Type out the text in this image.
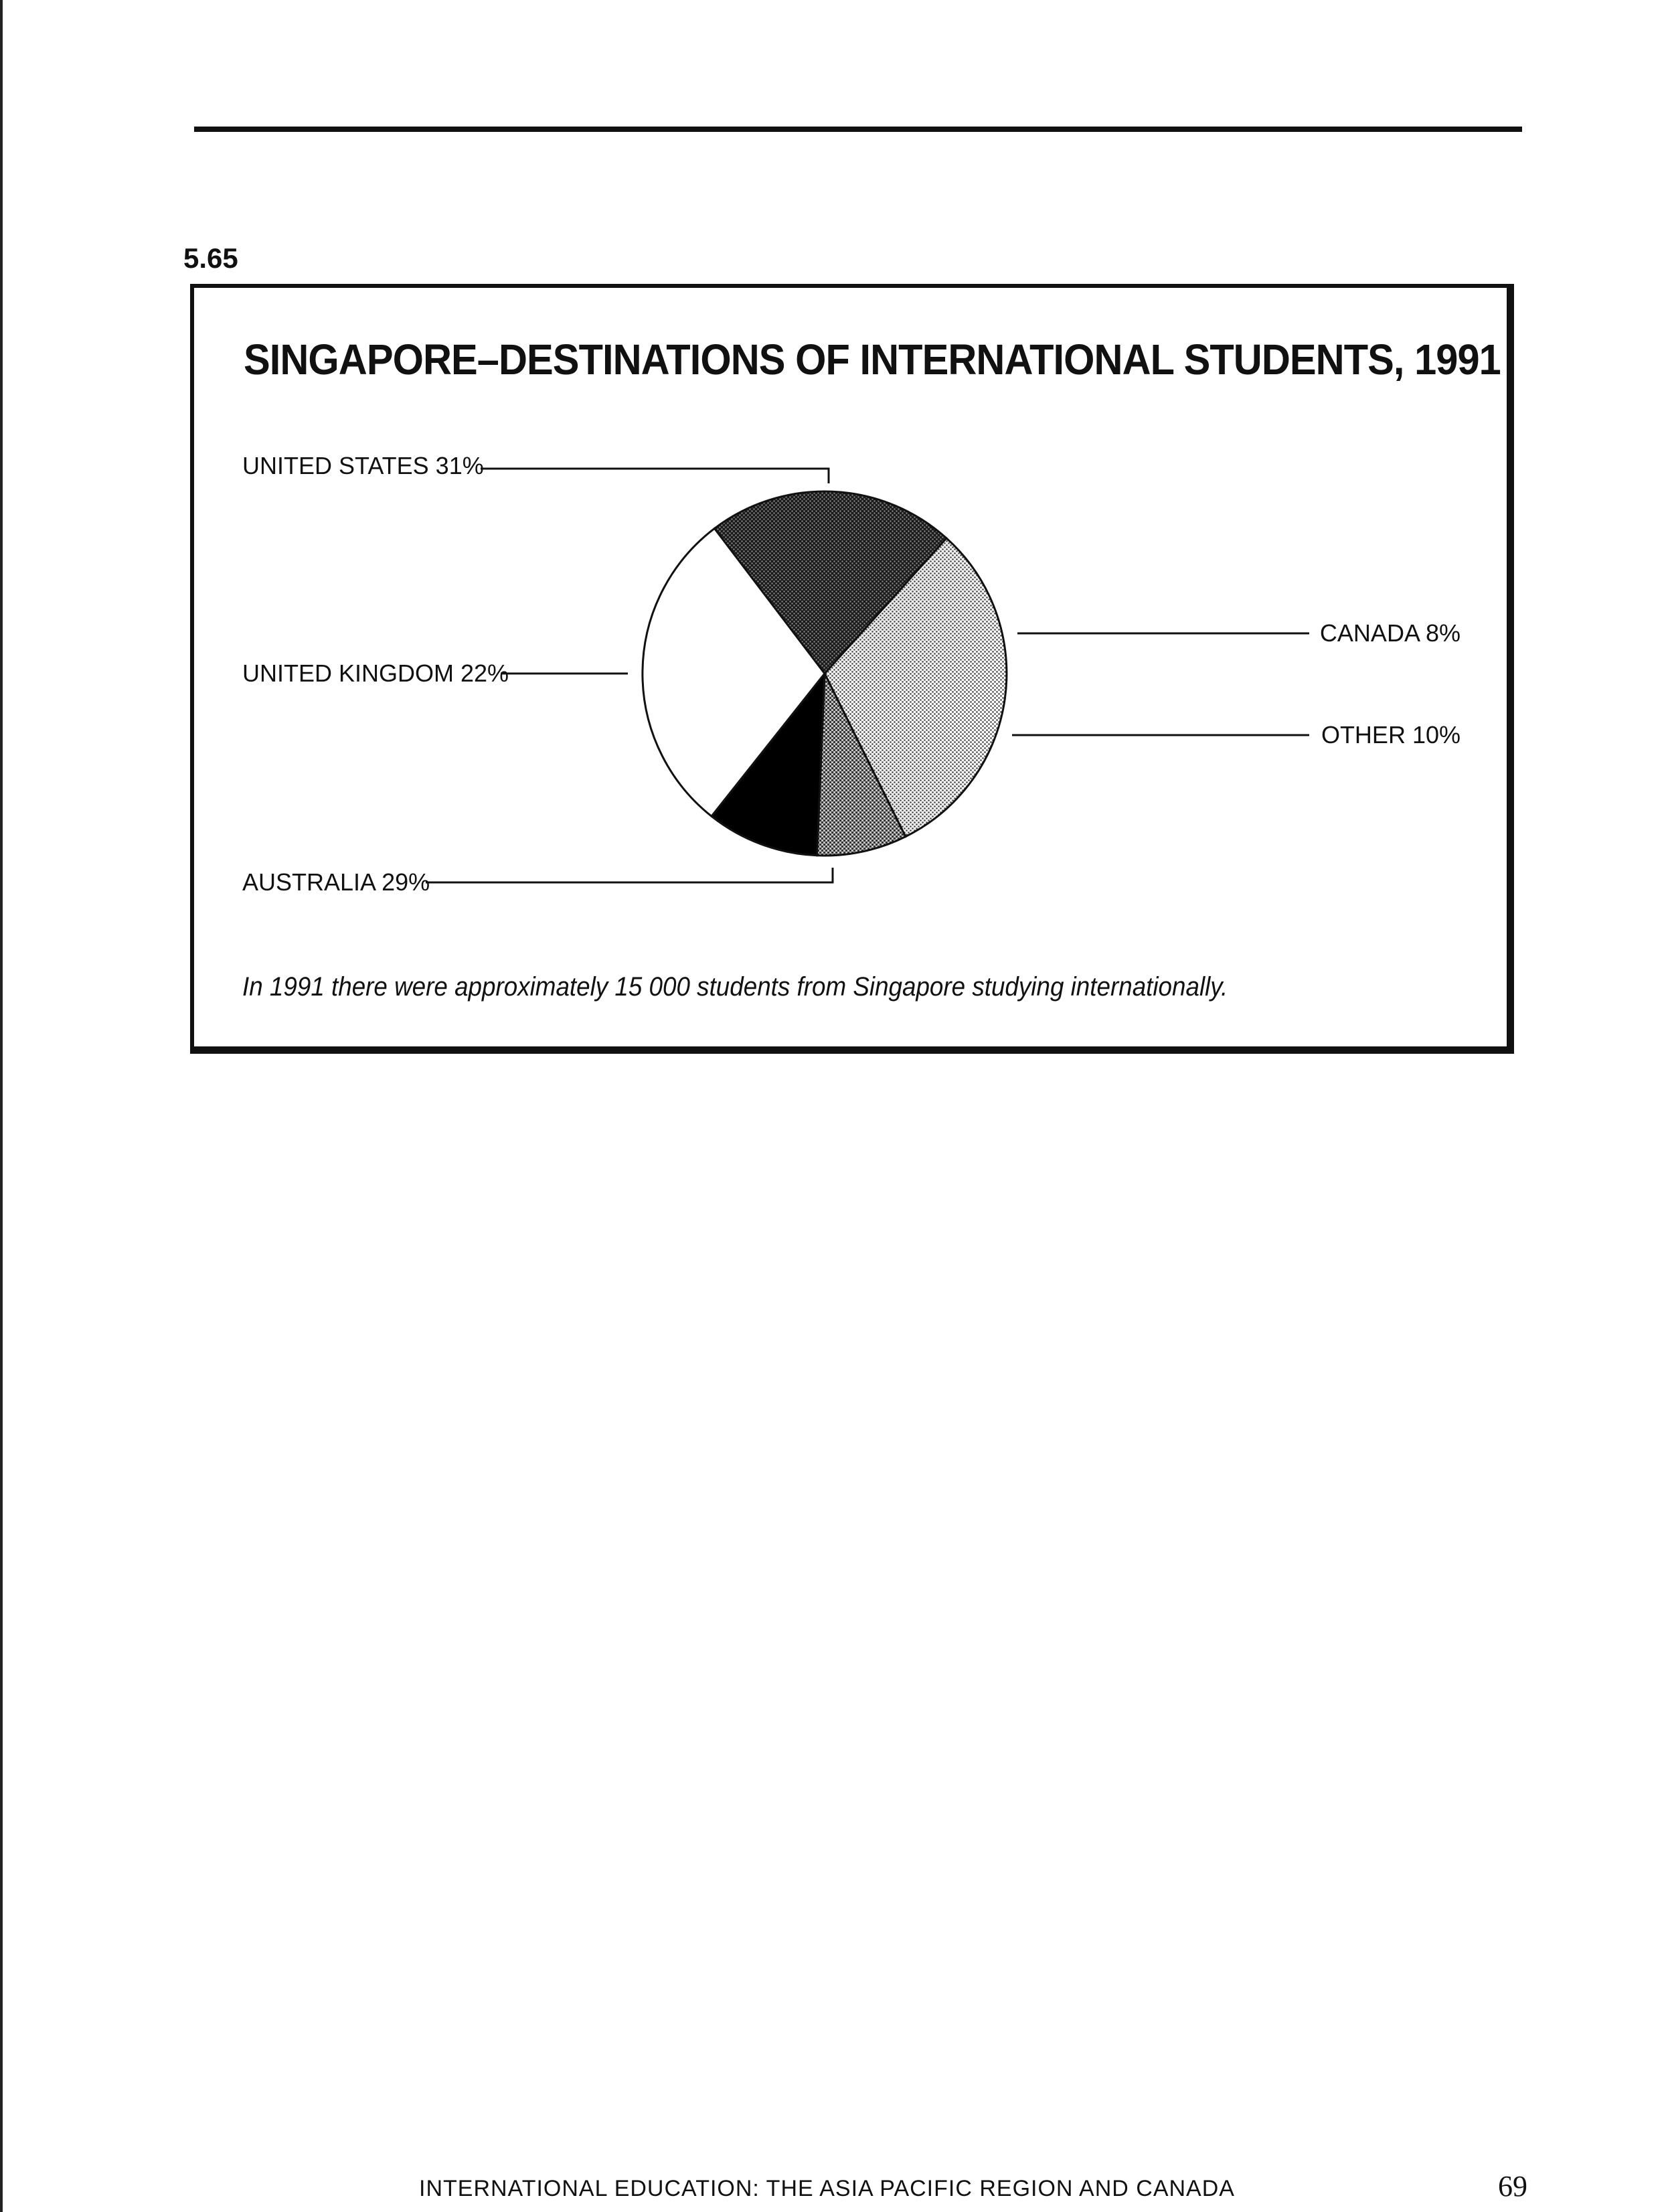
5.65
SINGAPORE–DESTINATIONS OF INTERNATIONAL STUDENTS, 1991
UNITED STATES 31%
CANADA 8%
OTHER 10%
AUSTRALIA 29%
UNITED KINGDOM 22%
In 1991 there were approximately 15 000 students from Singapore studying internationally.
INTERNATIONAL EDUCATION: THE ASIA PACIFIC REGION AND CANADA	69
